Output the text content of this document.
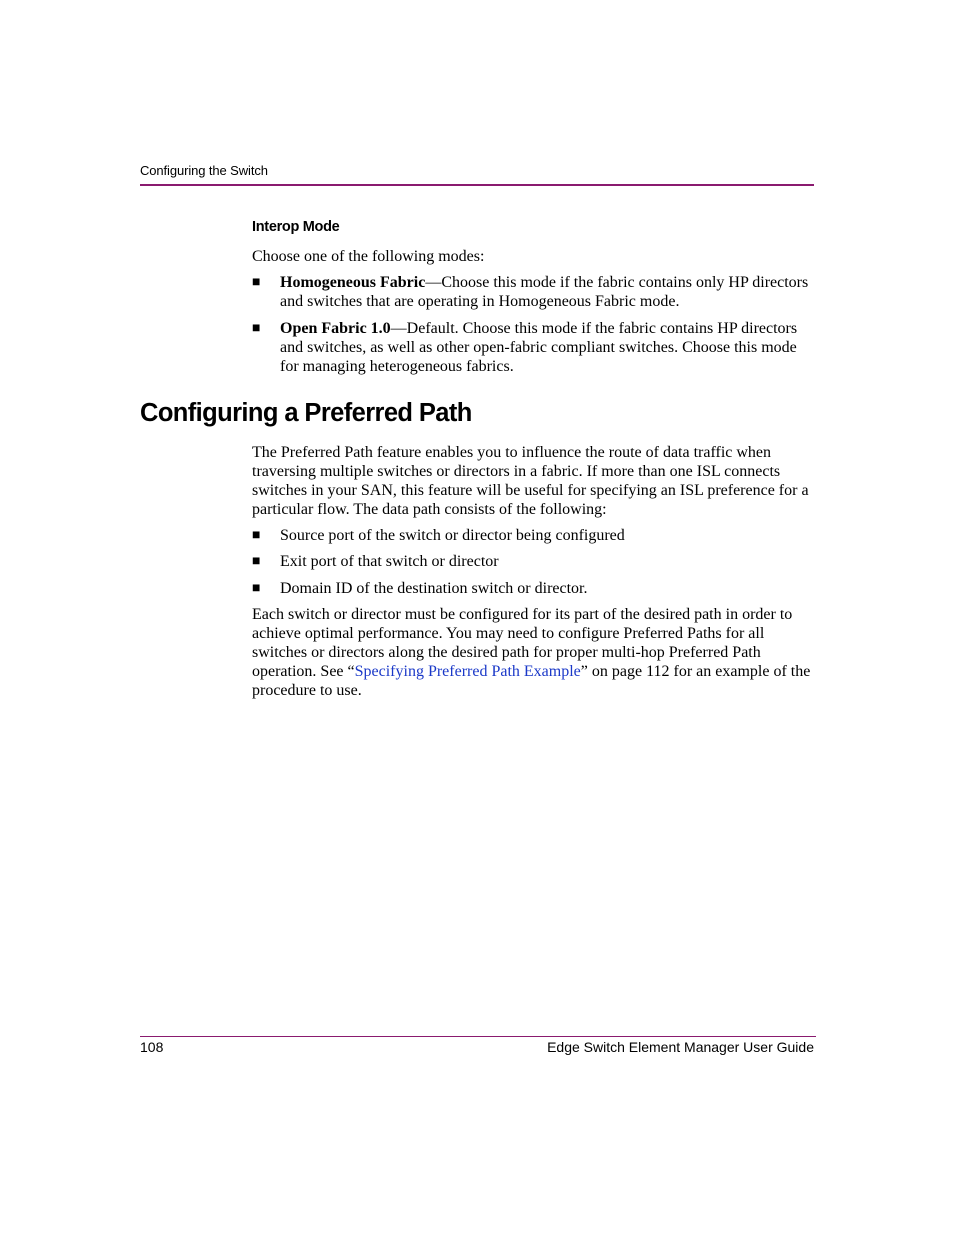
Configuring the Switch
Interop Mode
Choose one of the following modes:
■ Homogeneous Fabric—Choose this mode if the fabric contains only HP directors and switches that are operating in Homogeneous Fabric mode.
■ Open Fabric 1.0—Default. Choose this mode if the fabric contains HP directors and switches, as well as other open-fabric compliant switches. Choose this mode for managing heterogeneous fabrics.
Configuring a Preferred Path
The Preferred Path feature enables you to influence the route of data traffic when traversing multiple switches or directors in a fabric. If more than one ISL connects switches in your SAN, this feature will be useful for specifying an ISL preference for a particular flow. The data path consists of the following:
■ Source port of the switch or director being configured
■ Exit port of that switch or director
■ Domain ID of the destination switch or director.
Each switch or director must be configured for its part of the desired path in order to achieve optimal performance. You may need to configure Preferred Paths for all switches or directors along the desired path for proper multi-hop Preferred Path operation. See “Specifying Preferred Path Example” on page 112 for an example of the procedure to use.
108	Edge Switch Element Manager User Guide
